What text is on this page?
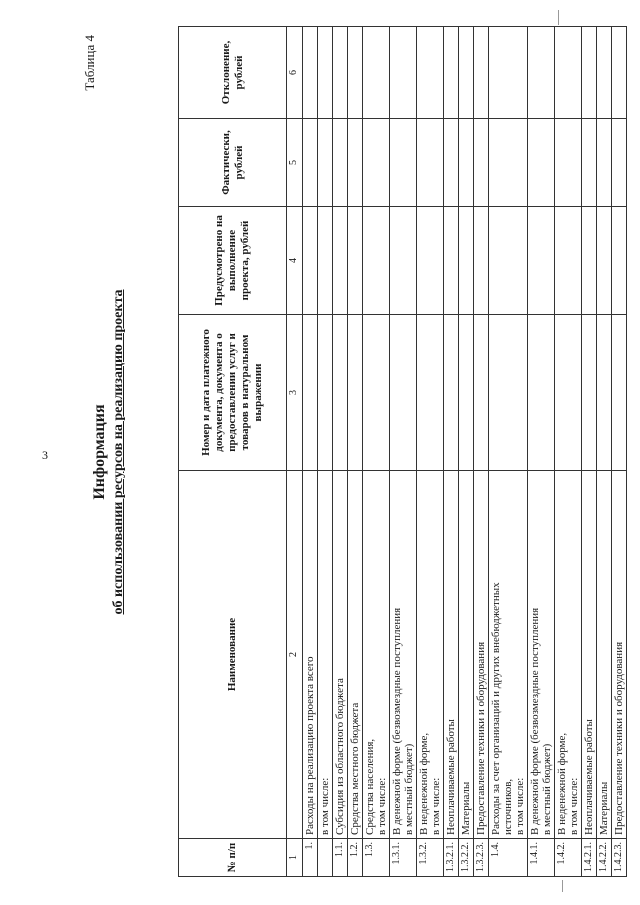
3
Таблица 4
Информация об использовании ресурсов на реализацию проекта
№ п/п	Наименование	Номер и дата платежного документа, документа о предоставлении услуг и товаров в натуральном выражении	Предусмотрено на выполнение проекта, рублей	Фактически, рублей	Отклонение, рублей
1	2	3	4	5	6
1.	Расходы на реализацию проекта всего				

	в том числе:				

1.1.	Субсидия из областного бюджета				

1.2.	Средства местного бюджета				

1.3.	Средства населения, в том числе:				

1.3.1.	В денежной форме (безвозмездные поступления в местный бюджет)				

1.3.2.	В неденежной форме, в том числе:				

1.3.2.1.	Неоплачиваемые работы				

1.3.2.2.	Материалы				

1.3.2.3.	Предоставление техники и оборудования				

1.4.	Расходы за счет организаций и других внебюджетных источников, в том числе:				

1.4.1.	В денежной форме (безвозмездные поступления в местный бюджет)				

1.4.2.	В неденежной форме, в том числе:				

1.4.2.1.	Неоплачиваемые работы				

1.4.2.2.	Материалы				

1.4.2.3.	Предоставление техники и оборудования				
